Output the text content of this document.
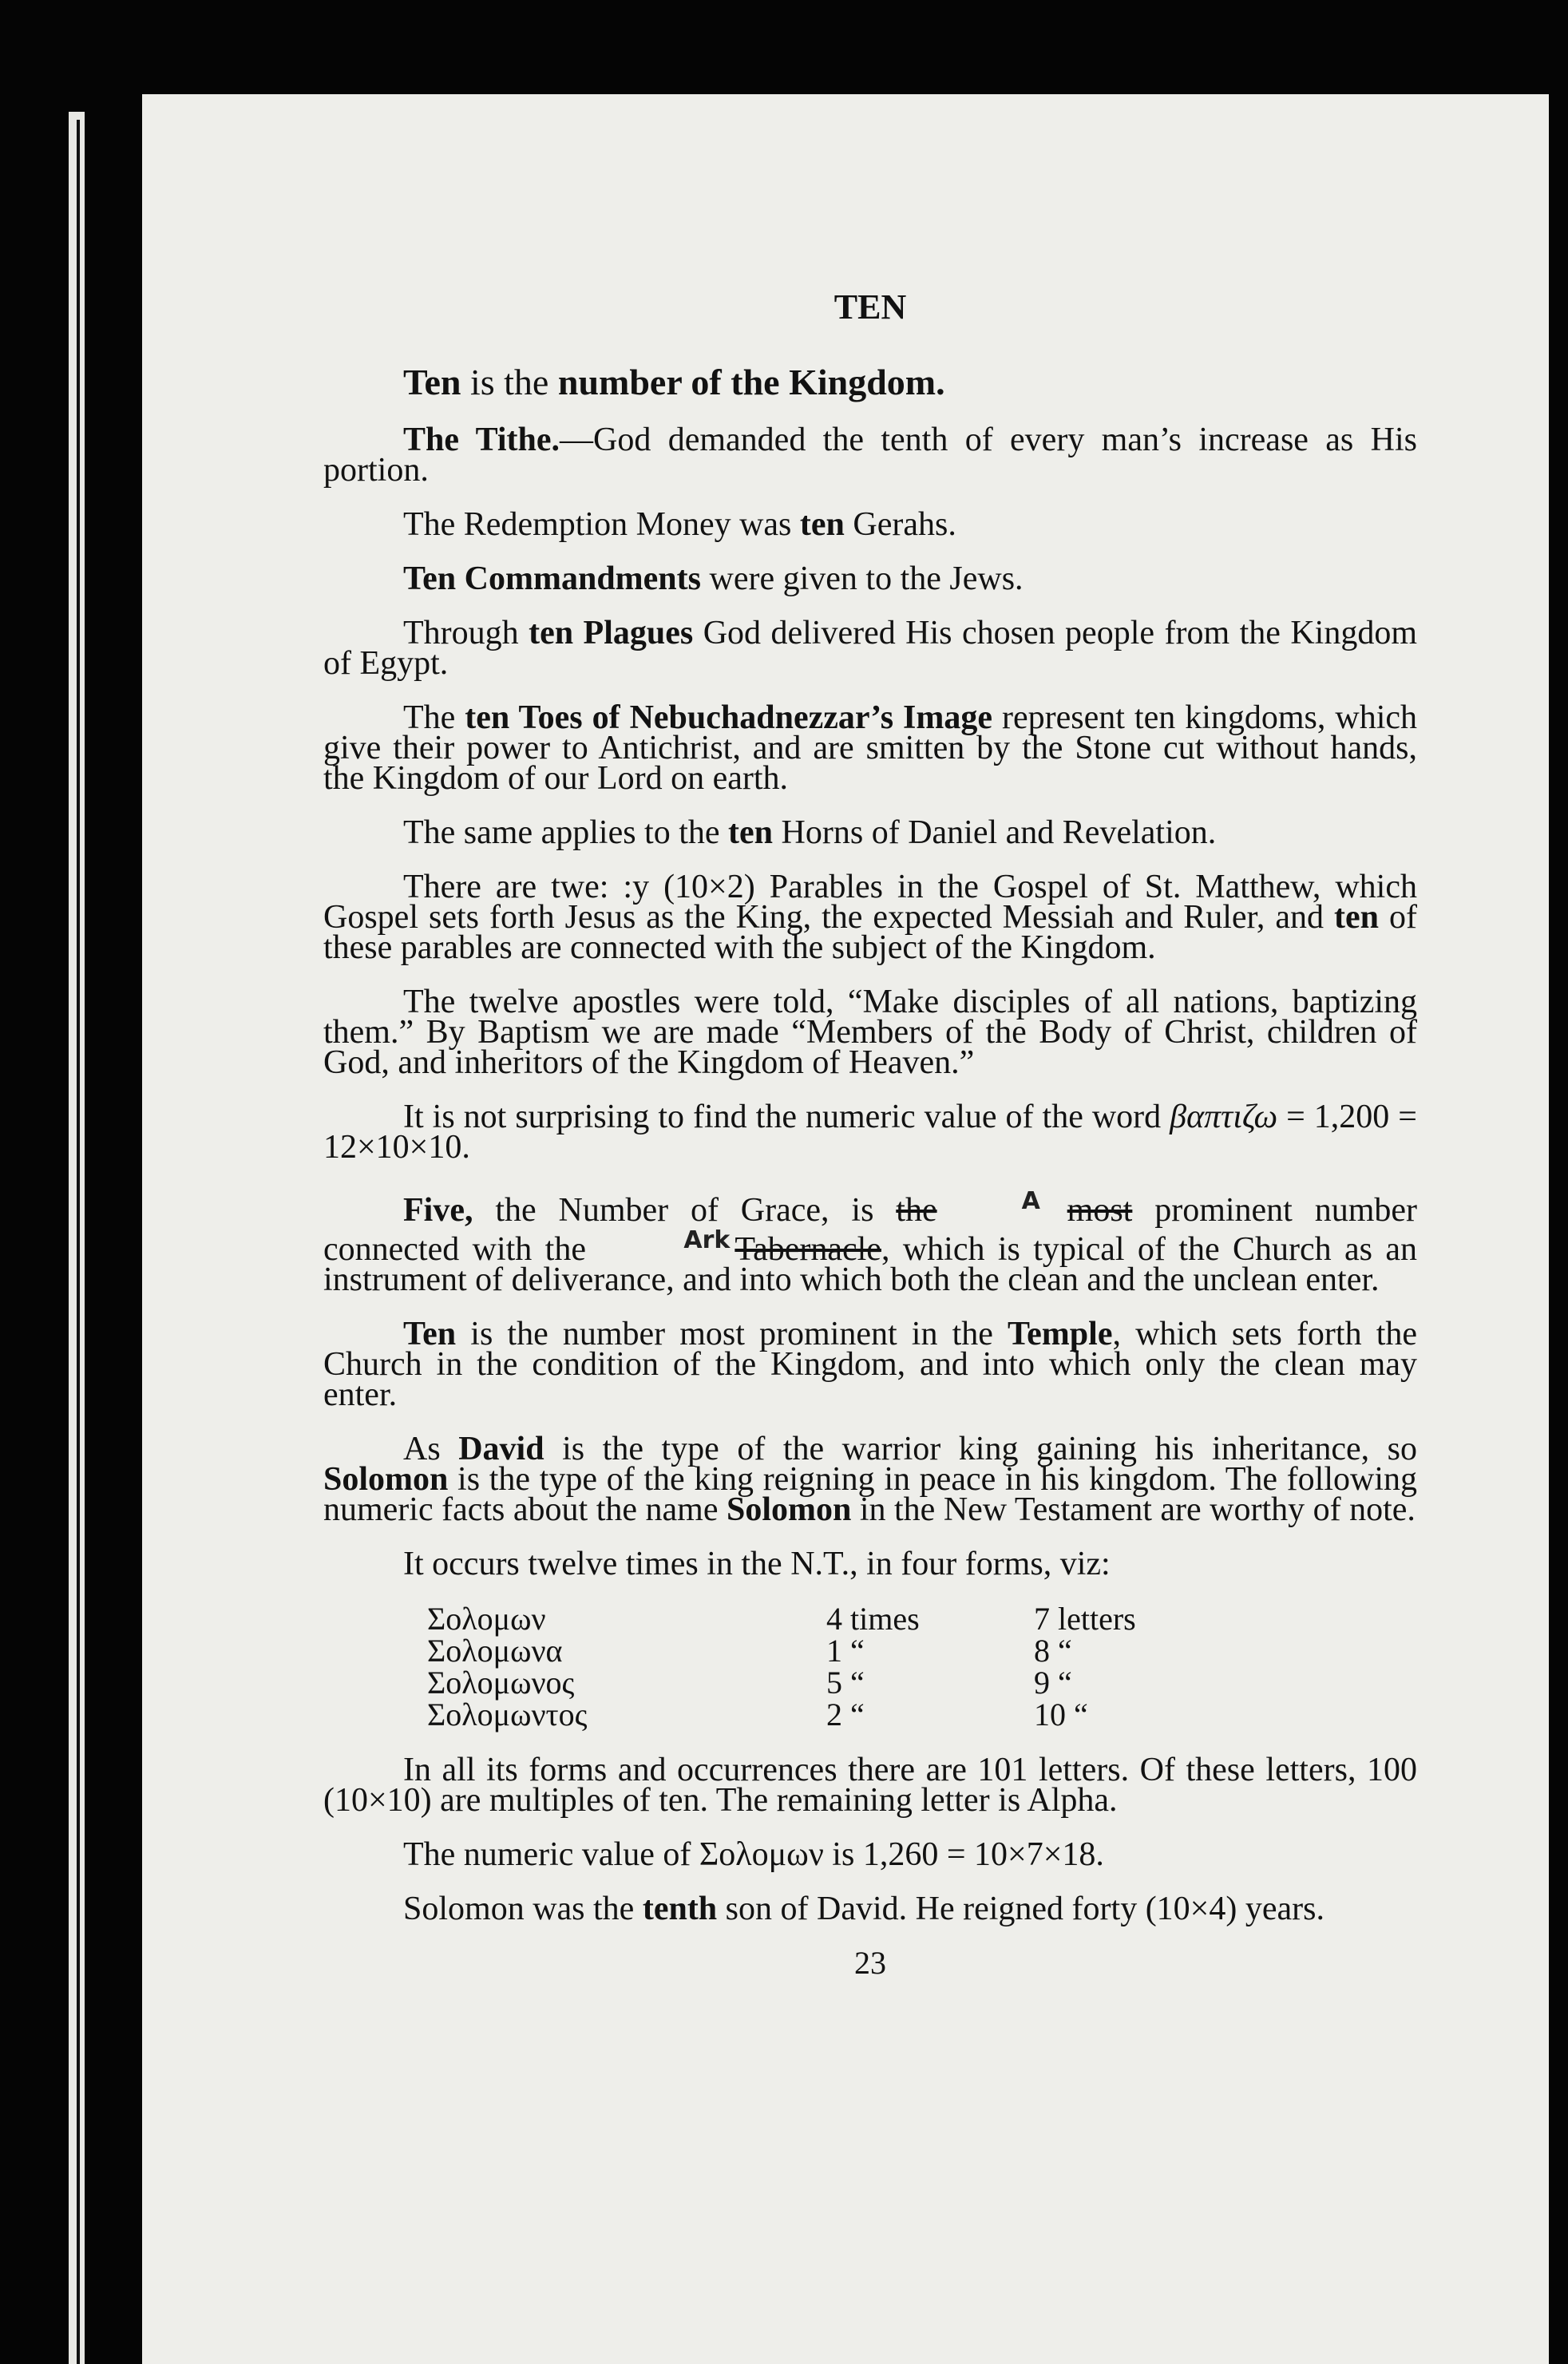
TEN

Ten is the number of the Kingdom.

The Tithe.—God demanded the tenth of every man’s increase as His portion.

The Redemption Money was ten Gerahs.

Ten Commandments were given to the Jews.

Through ten Plagues God delivered His chosen people from the Kingdom of Egypt.

The ten Toes of Nebuchadnezzar’s Image represent ten kingdoms, which give their power to Antichrist, and are smitten by the Stone cut without hands, the Kingdom of our Lord on earth.

The same applies to the ten Horns of Daniel and Revelation.

There are twe: :y (10×2) Parables in the Gospel of St. Matthew, which Gospel sets forth Jesus as the King, the expected Messiah and Ruler, and ten of these parables are connected with the subject of the Kingdom.

The twelve apostles were told, “Make disciples of all nations, baptizing them.” By Baptism we are made “Members of the Body of Christ, children of God, and inheritors of the Kingdom of Heaven.”

It is not surprising to find the numeric value of the word βαπτιζω = 1,200 = 12×10×10.

Five, the Number of Grace, is the	A most prominent number connected with the	Ark Tabernacle, which is typical of the Church as an instrument of deliverance, and into which both the clean and the unclean enter.

Ten is the number most prominent in the Temple, which sets forth the Church in the condition of the Kingdom, and into which only the clean may enter.

As David is the type of the warrior king gaining his inheritance, so Solomon is the type of the king reigning in peace in his kingdom. The following numeric facts about the name Solomon in the New Testament are worthy of note.

It occurs twelve times in the N.T., in four forms, viz:

Σολομων	4 times	7 letters
Σολομωνα	1 “	8 “
Σολομωνος	5 “	9 “
Σολομωντος	2 “	10 “

In all its forms and occurrences there are 101 letters. Of these letters, 100 (10×10) are multiples of ten. The remaining letter is Alpha.

The numeric value of Σολομων is 1,260 = 10×7×18.

Solomon was the tenth son of David. He reigned forty (10×4) years.

23
